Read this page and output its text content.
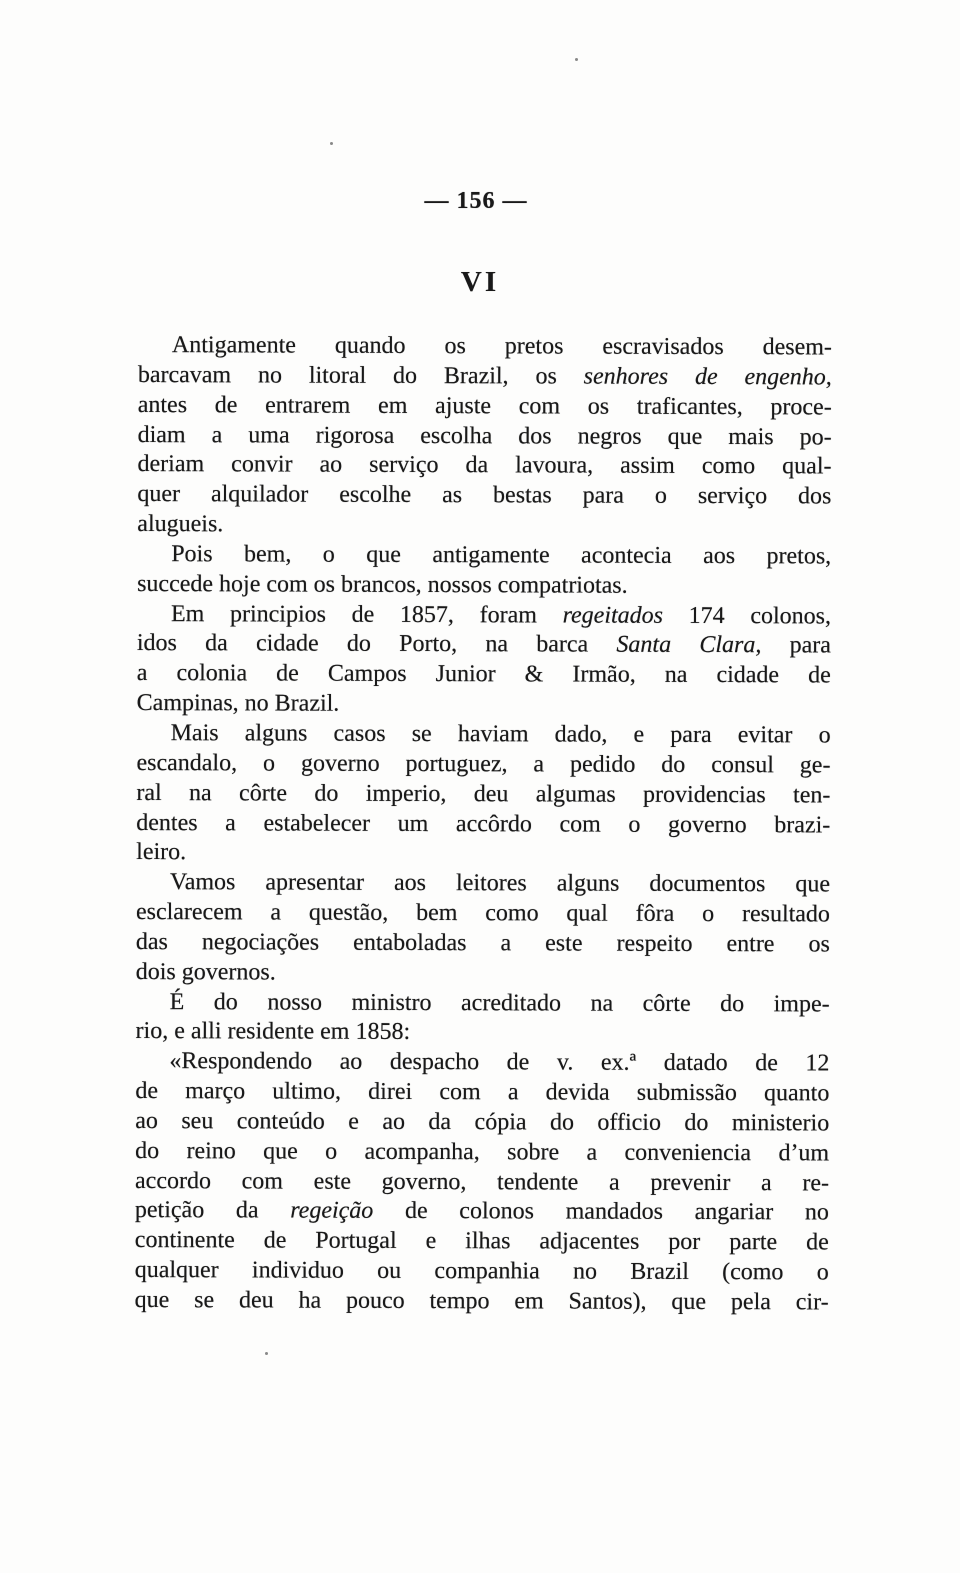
— 156 —
VI
Antigamente quando os pretos escravisados desem-
barcavam no litoral do Brazil, os senhores de engenho,
antes de entrarem em ajuste com os traficantes, proce-
diam a uma rigorosa escolha dos negros que mais po-
deriam convir ao serviço da lavoura, assim como qual-
quer alquilador escolhe as bestas para o serviço dos
alugueis.
Pois bem, o que antigamente acontecia aos pretos,
succede hoje com os brancos, nossos compatriotas.
Em principios de 1857, foram regeitados 174 colonos,
idos da cidade do Porto, na barca Santa Clara, para
a colonia de Campos Junior & Irmão, na cidade de
Campinas, no Brazil.
Mais alguns casos se haviam dado, e para evitar o
escandalo, o governo portuguez, a pedido do consul ge-
ral na côrte do imperio, deu algumas providencias ten-
dentes a estabelecer um accôrdo com o governo brazi-
leiro.
Vamos apresentar aos leitores alguns documentos que
esclarecem a questão, bem como qual fôra o resultado
das negociações entaboladas a este respeito entre os
dois governos.
É do nosso ministro acreditado na côrte do impe-
rio, e alli residente em 1858:
«Respondendo ao despacho de v. ex.ª datado de 12
de março ultimo, direi com a devida submissão quanto
ao seu conteúdo e ao da cópia do officio do ministerio
do reino que o acompanha, sobre a conveniencia d’um
accordo com este governo, tendente a prevenir a re-
petição da regeição de colonos mandados angariar no
continente de Portugal e ilhas adjacentes por parte de
qualquer individuo ou companhia no Brazil (como o
que se deu ha pouco tempo em Santos), que pela cir-
